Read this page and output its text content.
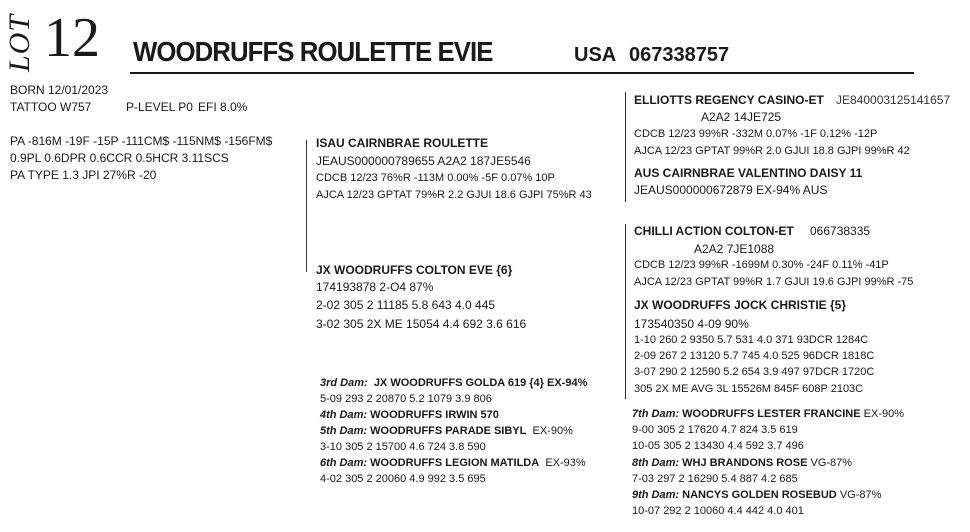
LOT 12 WOODRUFFS ROULETTE EVIE	USA 067338757
BORN 12/01/2023
TATTOO W757	P-LEVEL P0 EFI 8.0%
PA -816M -19F -15P -111CM$ -115NM$ -156FM$
0.9PL 0.6DPR 0.6CCR 0.5HCR 3.11SCS
PA TYPE 1.3 JPI 27%R -20
ISAU CAIRNBRAE ROULETTE
JEAUS000000789655 A2A2 187JE5546
CDCB 12/23 76%R -113M 0.00% -5F 0.07% 10P
AJCA 12/23 GPTAT 79%R 2.2 GJUI 18.6 GJPI 75%R 43
JX WOODRUFFS COLTON EVE {6}
174193878 2-O4 87%
2-02 305 2 11185 5.8 643 4.0 445
3-02 305 2X ME 15054 4.4 692 3.6 616
ELLIOTTS REGENCY CASINO-ET JE840003125141657
A2A2 14JE725
CDCB 12/23 99%R -332M 0.07% -1F 0.12% -12P
AJCA 12/23 GPTAT 99%R 2.0 GJUI 18.8 GJPI 99%R 42
AUS CAIRNBRAE VALENTINO DAISY 11
JEAUS000000672879 EX-94% AUS
CHILLI ACTION COLTON-ET 066738335
A2A2 7JE1088
CDCB 12/23 99%R -1699M 0.30% -24F 0.11% -41P
AJCA 12/23 GPTAT 99%R 1.7 GJUI 19.6 GJPI 99%R -75
JX WOODRUFFS JOCK CHRISTIE {5}
173540350 4-09 90%
1-10 260 2 9350 5.7 531 4.0 371 93DCR 1284C
2-09 267 2 13120 5.7 745 4.0 525 96DCR 1818C
3-07 290 2 12590 5.2 654 3.9 497 97DCR 1720C
305 2X ME AVG 3L 15526M 845F 608P 2103C
3rd Dam: JX WOODRUFFS GOLDA 619 {4} EX-94%
5-09 293 2 20870 5.2 1079 3.9 806
4th Dam: WOODRUFFS IRWIN 570
5th Dam: WOODRUFFS PARADE SIBYL EX-90%
3-10 305 2 15700 4.6 724 3.8 590
6th Dam: WOODRUFFS LEGION MATILDA EX-93%
4-02 305 2 20060 4.9 992 3.5 695
7th Dam: WOODRUFFS LESTER FRANCINE EX-90%
9-00 305 2 17620 4.7 824 3.5 619
10-05 305 2 13430 4.4 592 3.7 496
8th Dam: WHJ BRANDONS ROSE VG-87%
7-03 297 2 16290 5.4 887 4.2 685
9th Dam: NANCYS GOLDEN ROSEBUD VG-87%
10-07 292 2 10060 4.4 442 4.0 401
